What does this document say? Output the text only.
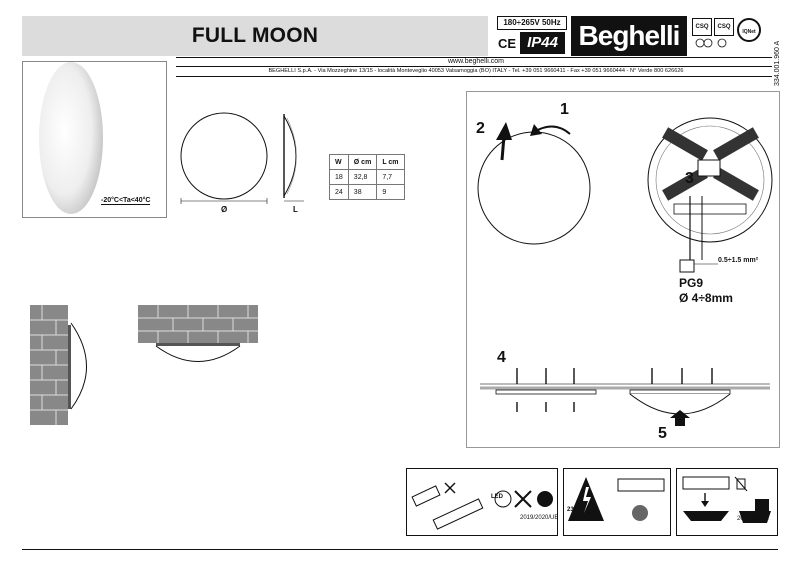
FULL MOON
180÷265V 50Hz
CE IP44 Beghelli	CSQ	CSQ
IQNet
334.001.960 A
www.beghelli.com
BEGHELLI S.p.A. - Via Mozzeghine 13/15 - località Monteveglio 40053 Valsamoggia (BO) ITALY - Tel. +39 051 9660411 - Fax +39 051 9660444 - N° Verde 800 626626
-20°C<Ta<40°C
Ø	L
W	Ø cm	L cm
18	32,8	7,7
24	38	9
1
2
3
4
5
0.5÷1.5 mm²
PG9
Ø 4÷8mm
LED
2019/2020/UE
230V
0 V	2012/19/UE
